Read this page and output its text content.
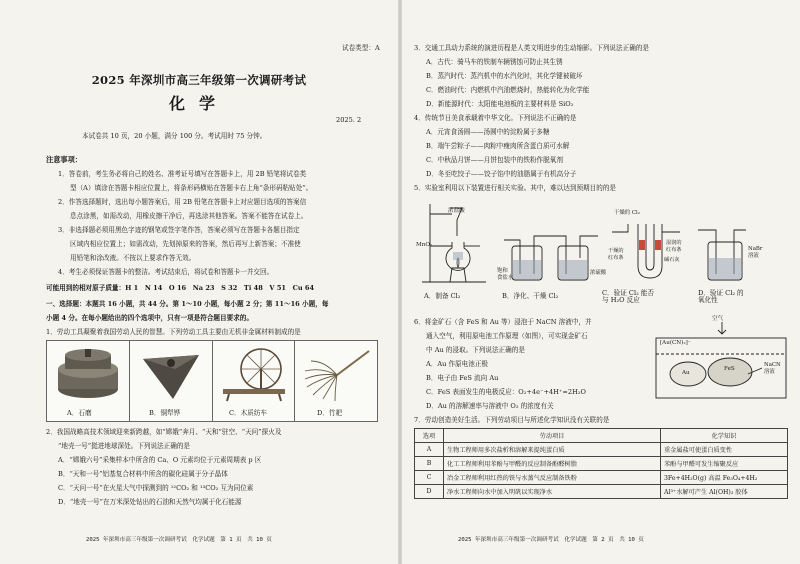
试卷类型：A
2025 年深圳市高三年级第一次调研考试
化学
2025. 2
本试卷共 10 页，20 小题，满分 100 分。考试用时 75 分钟。
注意事项：
1．答卷前，考生务必将自己的姓名、准考证号填写在答题卡上，用 2B 铅笔将试卷类
型（A）填涂在答题卡相应位置上，将条形码横贴在答题卡右上角“条形码粘贴处”。
2．作答选择题时，选出每小题答案后，用 2B 铅笔在答题卡上对应题目选项的答案信
息点涂黑，如需改动，用橡皮擦干净后，再选涂其他答案。答案不能答在试卷上。
3．非选择题必须用黑色字迹的钢笔或签字笔作答，答案必须写在答题卡各题目指定
区域内相应位置上；如需改动，先划掉原来的答案，然后再写上新答案；不准使
用铅笔和涂改液。不按以上要求作答无效。
4．考生必须保证答题卡的整洁。考试结束后，将试卷和答题卡一并交回。
可能用到的相对原子质量：H 1　N 14　O 16　Na 23　S 32　Ti 48　V 51　Cu 64
一、选择题：本题共 16 小题，共 44 分。第 1～10 小题，每小题 2 分；第 11～16 小题，每
小题 4 分。在每小题给出的四个选项中，只有一项是符合题目要求的。
1．劳动工具凝聚着我国劳动人民的智慧。下列劳动工具主要由无机非金属材料制成的是
A．石磨	B．铜犁铧	C．木质纺车	D．竹耙
2．我国战略高技术领域迎来新跨越，如“嫦娥”奔月、“天和”驻空、“天问”探火及
“地壳一号”挺进地球深处。下列说法正确的是
A．“嫦娥六号”采集样本中所含的 Ca、O 元素均位于元素周期表 p 区
B．“天和一号”铝基复合材料中所含的碳化硅属于分子晶体
C．“天问一号”在火星大气中探测到的 ¹²CO₂ 和 ¹³CO₂ 互为同位素
D．“地壳一号”在万米深处钻出的石油和天然气均属于化石能源
2025 年深圳市高三年级第一次调研考试　化学试题　第 1 页　共 10 页
3．交通工具动力系统的演进历程是人类文明进步的生动缩影。下列说法正确的是
A．古代：骑马车的铁制车辆锈蚀可防止其生锈
B．蒸汽时代：蒸汽机中的水汽化时，其化学键被破坏
C．燃油时代：内燃机中汽油燃烧时，热能转化为化学能
D．新能源时代：太阳能电池板的主要材料是 SiO₂
4．传统节日美食承载着中华文化。下列说法不正确的是
A．元宵食汤圆——汤圆中的淀粉属于多糖
B．端午尝粽子——肉粽中瘦肉所含蛋白质可水解
C．中秋品月饼——月饼包装中的铁粉作脱氧剂
D．冬至吃饺子——饺子馅中的油脂属于有机高分子
5．实验室利用以下装置进行相关实验。其中，难以达到预期目的的是
浓盐酸
MnO₂
饱和
食盐水
浓硫酸
干燥的 Cl₂
干燥的
红布条
湿润的
红布条
碱石灰
NaBr
溶液
A．制备 Cl₂	B．净化、干燥 Cl₂	C．验证 Cl₂ 能否
与 H₂O 反应
D．验证 Cl₂ 的
氧化性
6．将金矿石（含 FeS 和 Au 等）浸泡于 NaCN 溶液中，并
通入空气，利用原电池工作原理（如图），可实现金矿石
中 Au 的浸取。下列说法正确的是
A．Au 作原电池正极
B．电子由 FeS 流向 Au
C．FeS 表面发生的电极反应：O₂+4e⁻+4H⁺=2H₂O
D．Au 的溶解速率与溶液中 O₂ 的浓度有关
空气
[Au(CN)₂]⁻
FeS
Au
NaCN
溶液
7．劳动创造美好生活。下列劳动项目与所述化学知识没有关联的是
选项	劳动项目	化学知识
A	生物工程师用多次盐析和溶解来提纯蛋白质	重金属盐可使蛋白质变性
B	化工工程师利用苯酚与甲醛的反应制备酚醛树脂	苯酚与甲醛可发生缩聚反应
C	冶金工程师利用红热的铁与水蒸气反应制备铁粉	3Fe+4H₂O(g) 高温 Fe₃O₄+4H₂
D	净水工程师向水中加入明矾以实现净水	Al³⁺水解可产生 Al(OH)₃ 胶体
2025 年深圳市高三年级第一次调研考试　化学试题　第 2 页　共 10 页
